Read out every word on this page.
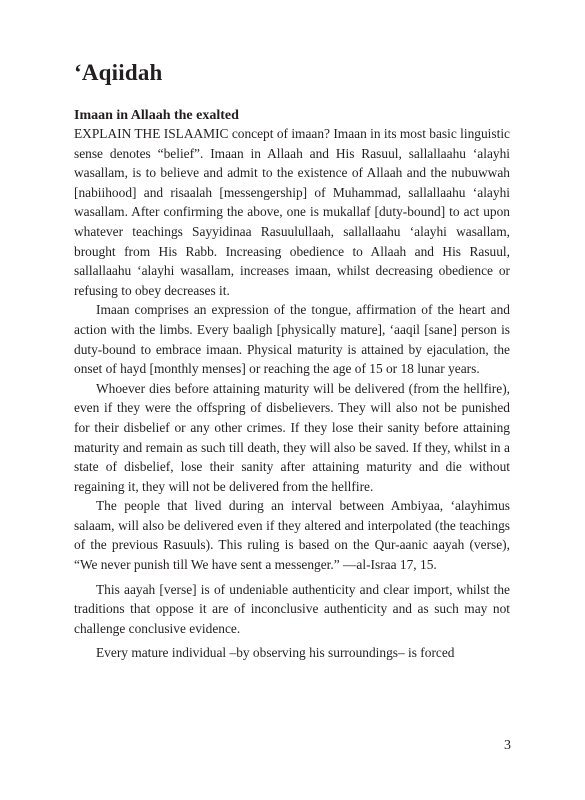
‘Aqiidah
Imaan in Allaah the exalted

EXPLAIN THE ISLAAMIC concept of imaan? Imaan in its most basic linguistic sense denotes “belief”. Imaan in Allaah and His Rasuul, sallallaahu ‘alayhi wasallam, is to believe and admit to the existence of Allaah and the nubuwwah [nabiihood] and risaalah [messengership] of Muhammad, sallallaahu ‘alayhi wasallam. After confirming the above, one is mukallaf [duty-bound] to act upon whatever teachings Sayyidinaa Rasuulullaah, sallallaahu ‘alayhi wasallam, brought from His Rabb. Increasing obedience to Allaah and His Rasuul, sallallaahu ‘alayhi wasallam, increases imaan, whilst decreasing obedience or refusing to obey decreases it.

Imaan comprises an expression of the tongue, affirmation of the heart and action with the limbs. Every baaligh [physically mature], ‘aaqil [sane] person is duty-bound to embrace imaan. Physical maturity is attained by ejaculation, the onset of hayd [monthly menses] or reaching the age of 15 or 18 lunar years.

Whoever dies before attaining maturity will be delivered (from the hellfire), even if they were the offspring of disbelievers. They will also not be punished for their disbelief or any other crimes. If they lose their sanity before attaining maturity and remain as such till death, they will also be saved. If they, whilst in a state of disbelief, lose their sanity after attaining maturity and die without regaining it, they will not be delivered from the hellfire.

The people that lived during an interval between Ambiyaa, ‘alayhimus salaam, will also be delivered even if they altered and interpolated (the teachings of the previous Rasuuls). This ruling is based on the Qur-aanic aayah (verse), “We never punish till We have sent a messenger.” —al-Israa 17, 15.

This aayah [verse] is of undeniable authenticity and clear import, whilst the traditions that oppose it are of inconclusive authenticity and as such may not challenge conclusive evidence.

Every mature individual –by observing his surroundings– is forced

3
